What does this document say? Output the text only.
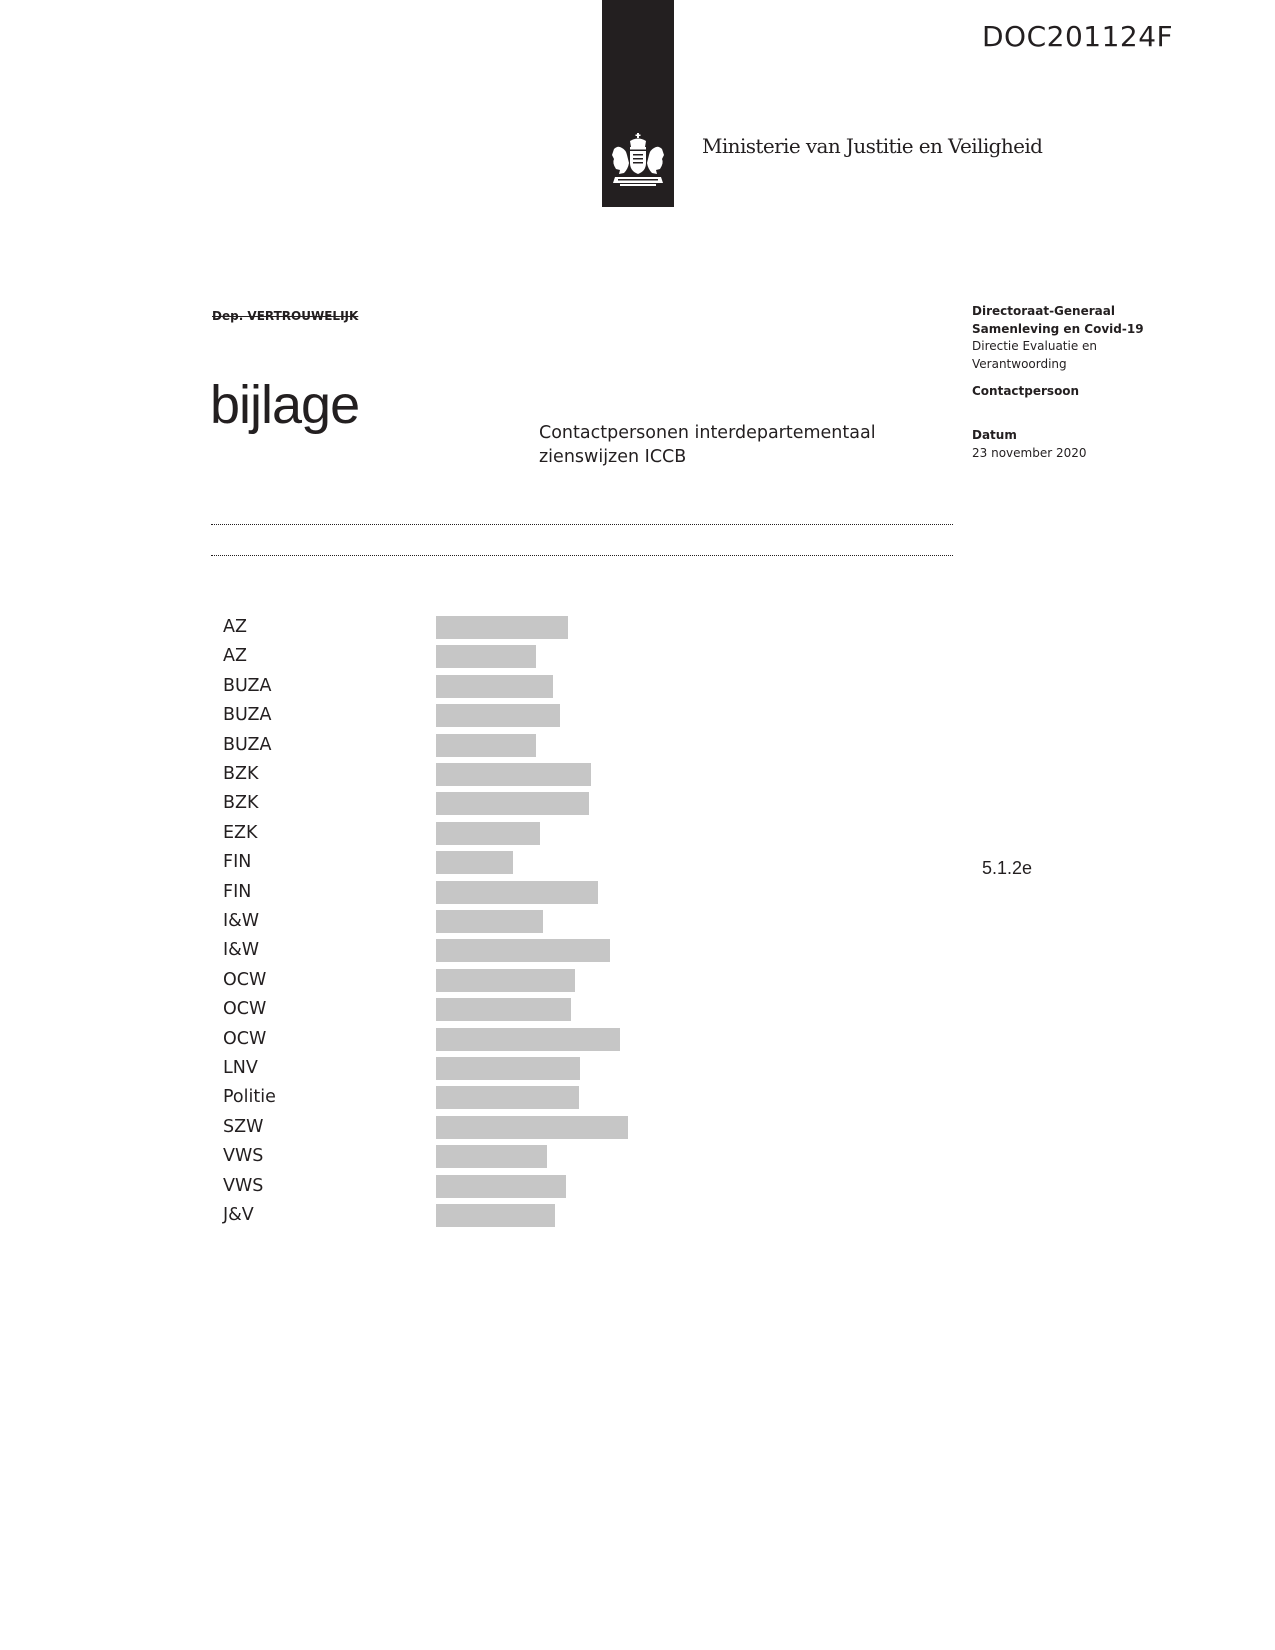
DOC201124F
Ministerie van Justitie en Veiligheid
Dep. VERTROUWELIJK
bijlage	Contactpersonen interdepartementaal
zienswijzen ICCB
Directoraat-Generaal
Samenleving en Covid-19
Directie Evaluatie en
Verantwoording
Contactpersoon
Datum
23 november 2020
AZ
AZ
BUZA
BUZA
BUZA
BZK
BZK
EZK
FIN
FIN
I&W
I&W
OCW
OCW
OCW
LNV
Politie
SZW
VWS
VWS
J&V
5.1.2e
